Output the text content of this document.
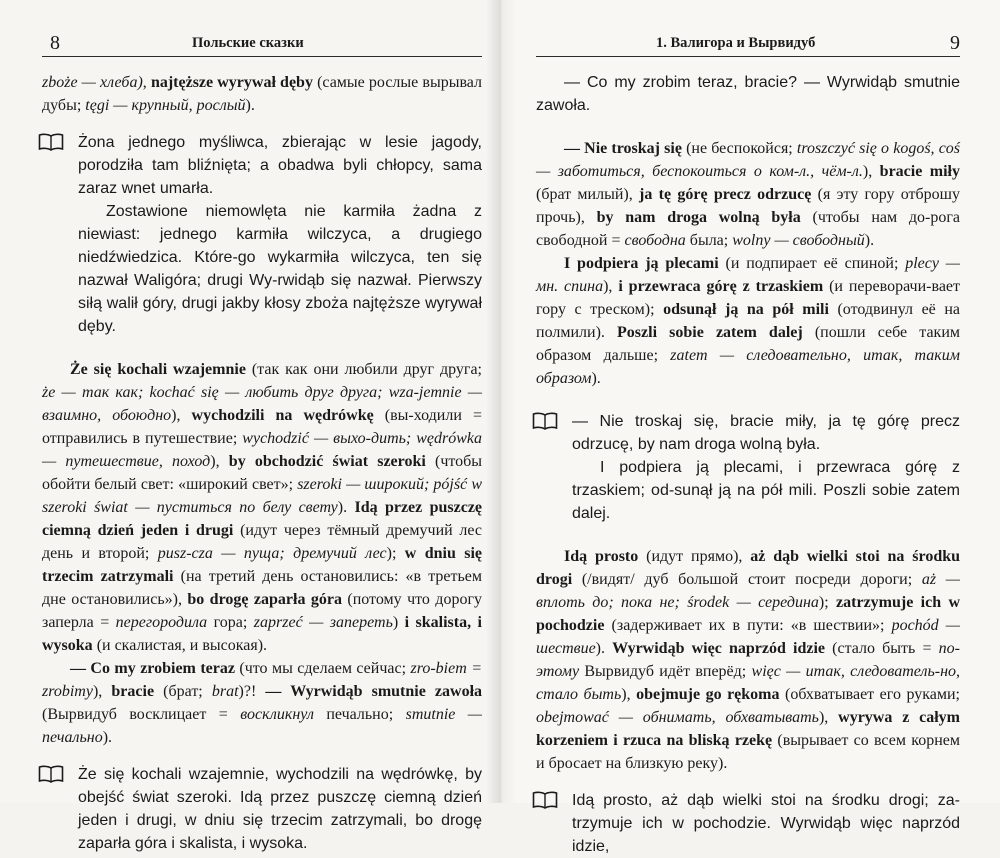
8	Польские сказки

zboże — хлеба), najtęższe wyrywał dęby (самые рослые вырывал дубы; tęgi — крупный, рослый).

Żona jednego myśliwca, zbierając w lesie jagody, porodziła tam bliźnięta; a obadwa byli chłopcy, sama zaraz wnet umarła.

Zostawione niemowlęta nie karmiła żadna z niewiast: jednego karmiła wilczyca, a drugiego niedźwiedzica. Które-go wykarmiła wilczyca, ten się nazwał Waligóra; drugi Wy-rwidąb się nazwał. Pierwszy siłą walił góry, drugi jakby kłosy zboża najtęższe wyrywał dęby.

Że się kochali wzajemnie (так как они любили друг друга; że — так как; kochać się — любить друг друга; wza-jemnie — взаимно, обоюдно), wychodzili na wędrówkę (вы-ходили = отправились в путешествие; wychodzić — выхо-дить; wędrówka — путешествие, поход), by obchodzić świat szeroki (чтобы обойти белый свет: «широкий свет»; szeroki — широкий; pójść w szeroki świat — пуститься по белу свету). Idą przez puszczę ciemną dzień jeden i drugi (идут через тёмный дремучий лес день и второй; pusz-cza — пуща; дремучий лес); w dniu się trzecim zatrzymali (на третий день остановились: «в третьем дне остановились»), bo drogę zaparła góra (потому что дорогу заперла = перегородила гора; zaprzeć — запереть) i skalista, i wysoka (и скалистая, и высокая).

— Co my zrobiem teraz (что мы сделаем сейчас; zro-biem = zrobimy), bracie (брат; brat)?! — Wyrwidąb smutnie zawoła (Вырвидуб восклицает = воскликнул печально; smutnie — печально).

Że się kochali wzajemnie, wychodzili na wędrówkę, by obejść świat szeroki. Idą przez puszczę ciemną dzień jeden i drugi, w dniu się trzecim zatrzymali, bo drogę zaparła góra i skalista, i wysoka.

1. Валигора и Вырвидуб	9

— Co my zrobim teraz, bracie? — Wyrwidąb smutnie zawoła.

— Nie troskaj się (не беспокойся; troszczyć się o kogoś, coś — заботиться, беспокоиться о ком-л., чём-л.), bracie miły (брат милый), ja tę górę precz odrzucę (я эту гору отброшу прочь), by nam droga wolną była (чтобы нам до-рога свободной = свободна была; wolny — свободный).

I podpiera ją plecami (и подпирает её спиной; plecy — мн. спина), i przewraca górę z trzaskiem (и переворачи-вает гору с треском); odsunął ją na pół mili (отодвинул её на полмили). Poszli sobie zatem dalej (пошли себе таким образом дальше; zatem — следовательно, итак, таким образом).

— Nie troskaj się, bracie miły, ja tę górę precz odrzucę, by nam droga wolną była.

I podpiera ją plecami, i przewraca górę z trzaskiem; od-sunął ją na pół mili. Poszli sobie zatem dalej.

Idą prosto (идут прямо), aż dąb wielki stoi na środku drogi (/видят/ дуб большой стоит посреди дороги; aż — вплоть до; пока не; środek — середина); zatrzymuje ich w pochodzie (задерживает их в пути: «в шествии»; pochód — шествие). Wyrwidąb więc naprzód idzie (стало быть = по-этому Вырвидуб идёт вперёд; więc — итак, следователь-но, стало быть), obejmuje go rękoma (обхватывает его руками; obejmować — обнимать, обхватывать), wyrywa z całym korzeniem i rzuca na bliską rzekę (вырывает со всем корнем и бросает на близкую реку).

Idą prosto, aż dąb wielki stoi na środku drogi; za-trzymuje ich w pochodzie. Wyrwidąb więc naprzód idzie,
